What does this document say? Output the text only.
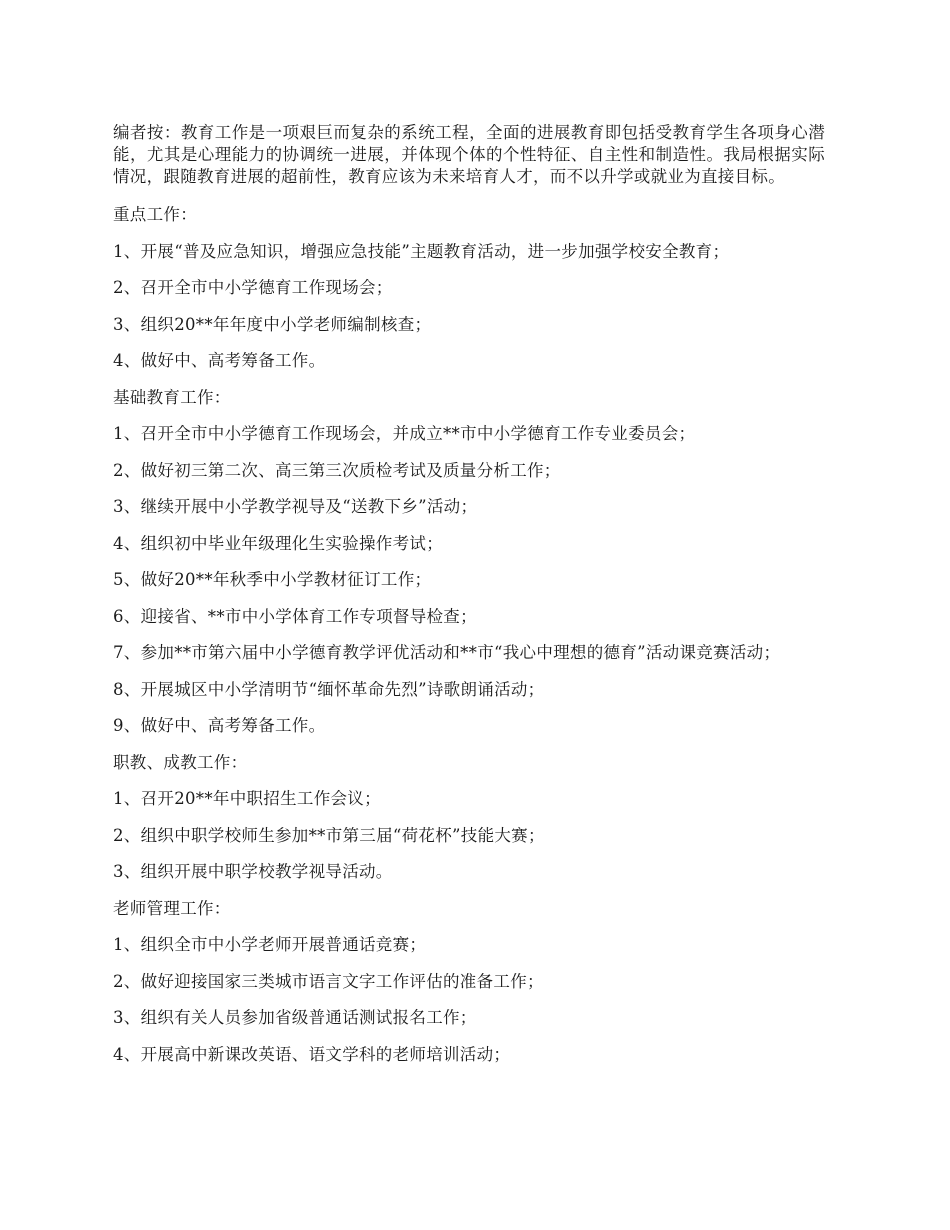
编者按：教育工作是一项艰巨而复杂的系统工程，全面的进展教育即包括受教育学生各项身心潜能，尤其是心理能力的协调统一进展，并体现个体的个性特征、自主性和制造性。我局根据实际情况，跟随教育进展的超前性，教育应该为未来培育人才，而不以升学或就业为直接目标。

重点工作：

1、开展“普及应急知识，增强应急技能”主题教育活动，进一步加强学校安全教育；

2、召开全市中小学德育工作现场会；

3、组织20**年年度中小学老师编制核查；

4、做好中、高考筹备工作。

基础教育工作：

1、召开全市中小学德育工作现场会，并成立**市中小学德育工作专业委员会；

2、做好初三第二次、高三第三次质检考试及质量分析工作；

3、继续开展中小学教学视导及“送教下乡”活动；

4、组织初中毕业年级理化生实验操作考试；

5、做好20**年秋季中小学教材征订工作；

6、迎接省、**市中小学体育工作专项督导检查；

7、参加**市第六届中小学德育教学评优活动和**市“我心中理想的德育”活动课竞赛活动；

8、开展城区中小学清明节“缅怀革命先烈”诗歌朗诵活动；

9、做好中、高考筹备工作。

职教、成教工作：

1、召开20**年中职招生工作会议；

2、组织中职学校师生参加**市第三届“荷花杯”技能大赛；

3、组织开展中职学校教学视导活动。

老师管理工作：

1、组织全市中小学老师开展普通话竞赛；

2、做好迎接国家三类城市语言文字工作评估的准备工作；

3、组织有关人员参加省级普通话测试报名工作；

4、开展高中新课改英语、语文学科的老师培训活动；
